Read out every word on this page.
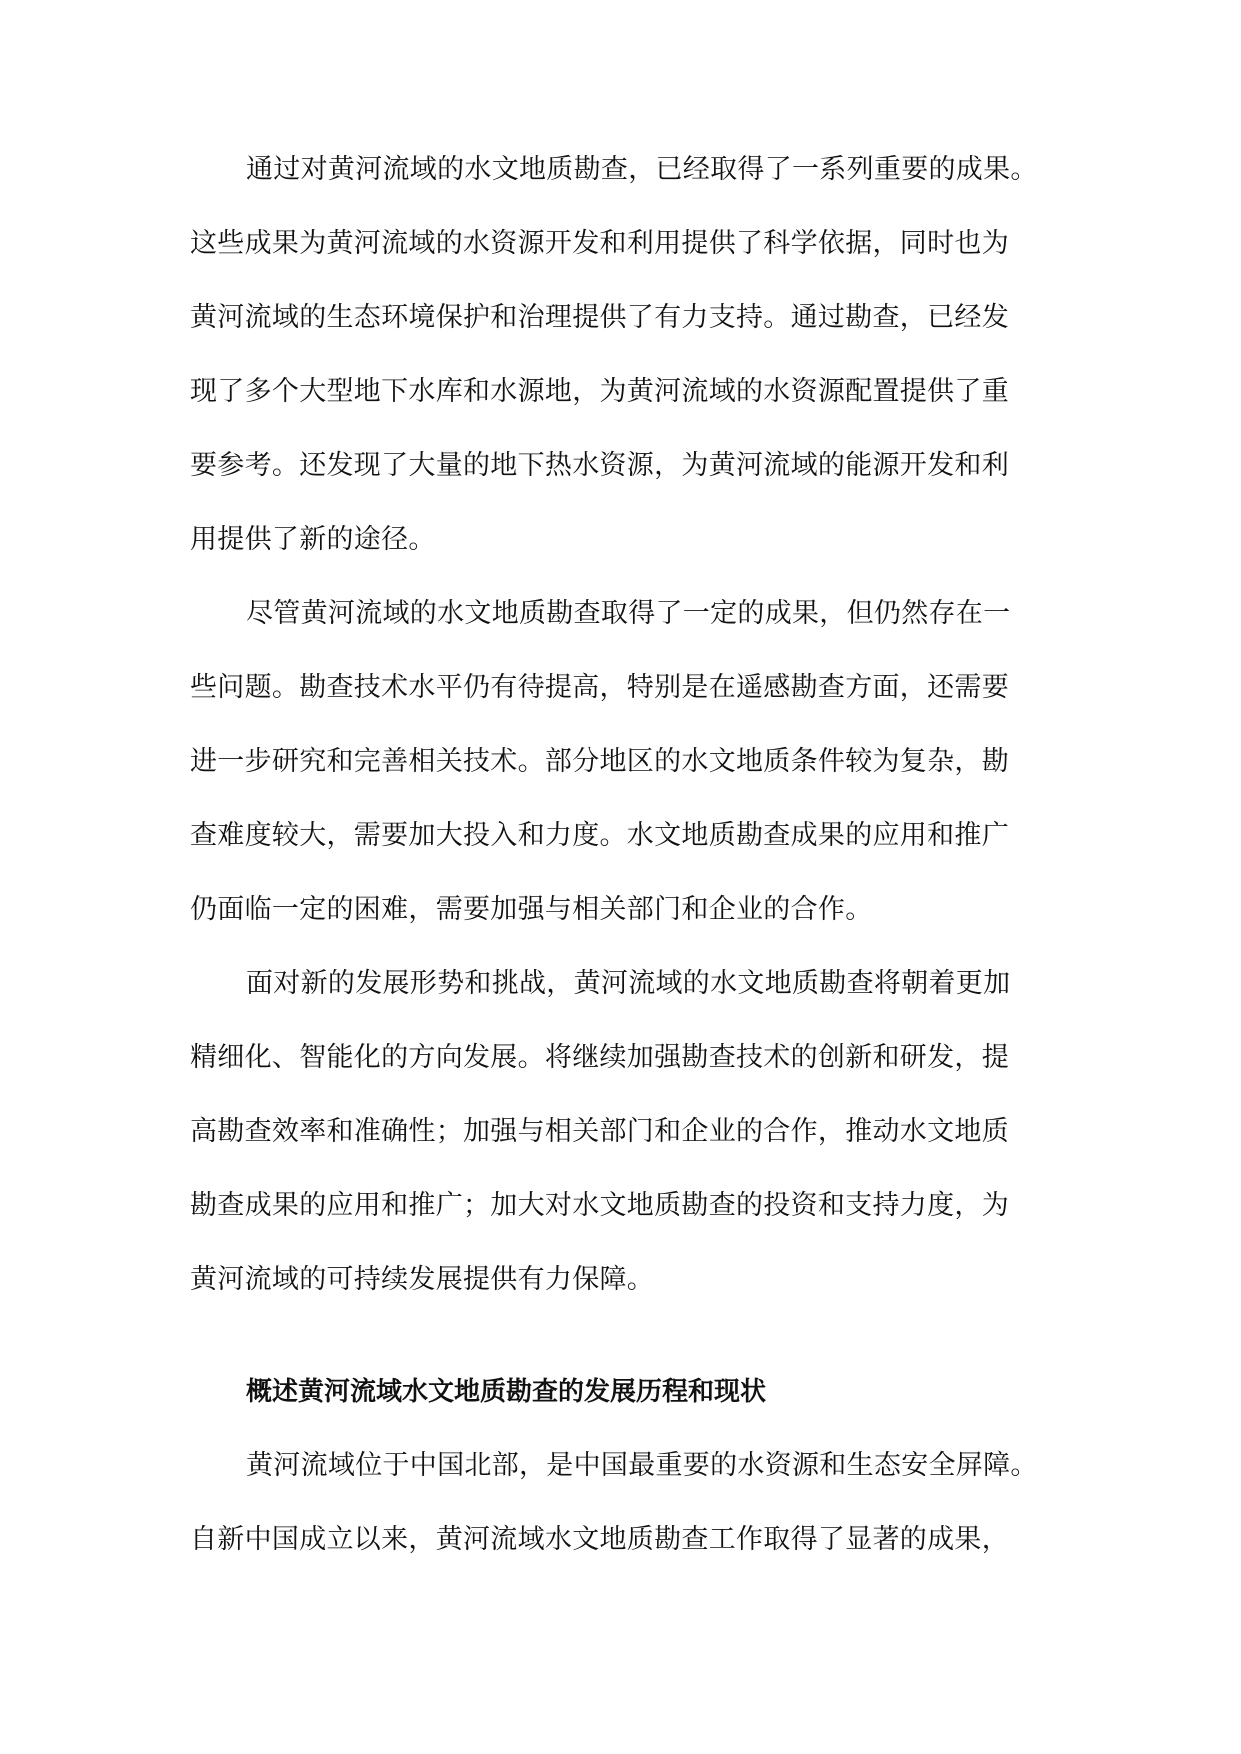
通过对黄河流域的水文地质勘查，已经取得了一系列重要的成果。
这些成果为黄河流域的水资源开发和利用提供了科学依据，同时也为
黄河流域的生态环境保护和治理提供了有力支持。通过勘查，已经发
现了多个大型地下水库和水源地，为黄河流域的水资源配置提供了重
要参考。还发现了大量的地下热水资源，为黄河流域的能源开发和利
用提供了新的途径。
尽管黄河流域的水文地质勘查取得了一定的成果，但仍然存在一
些问题。勘查技术水平仍有待提高，特别是在遥感勘查方面，还需要
进一步研究和完善相关技术。部分地区的水文地质条件较为复杂，勘
查难度较大，需要加大投入和力度。水文地质勘查成果的应用和推广
仍面临一定的困难，需要加强与相关部门和企业的合作。
面对新的发展形势和挑战，黄河流域的水文地质勘查将朝着更加
精细化、智能化的方向发展。将继续加强勘查技术的创新和研发，提
高勘查效率和准确性；加强与相关部门和企业的合作，推动水文地质
勘查成果的应用和推广；加大对水文地质勘查的投资和支持力度，为
黄河流域的可持续发展提供有力保障。
概述黄河流域水文地质勘查的发展历程和现状
黄河流域位于中国北部，是中国最重要的水资源和生态安全屏障。
自新中国成立以来，黄河流域水文地质勘查工作取得了显著的成果，
